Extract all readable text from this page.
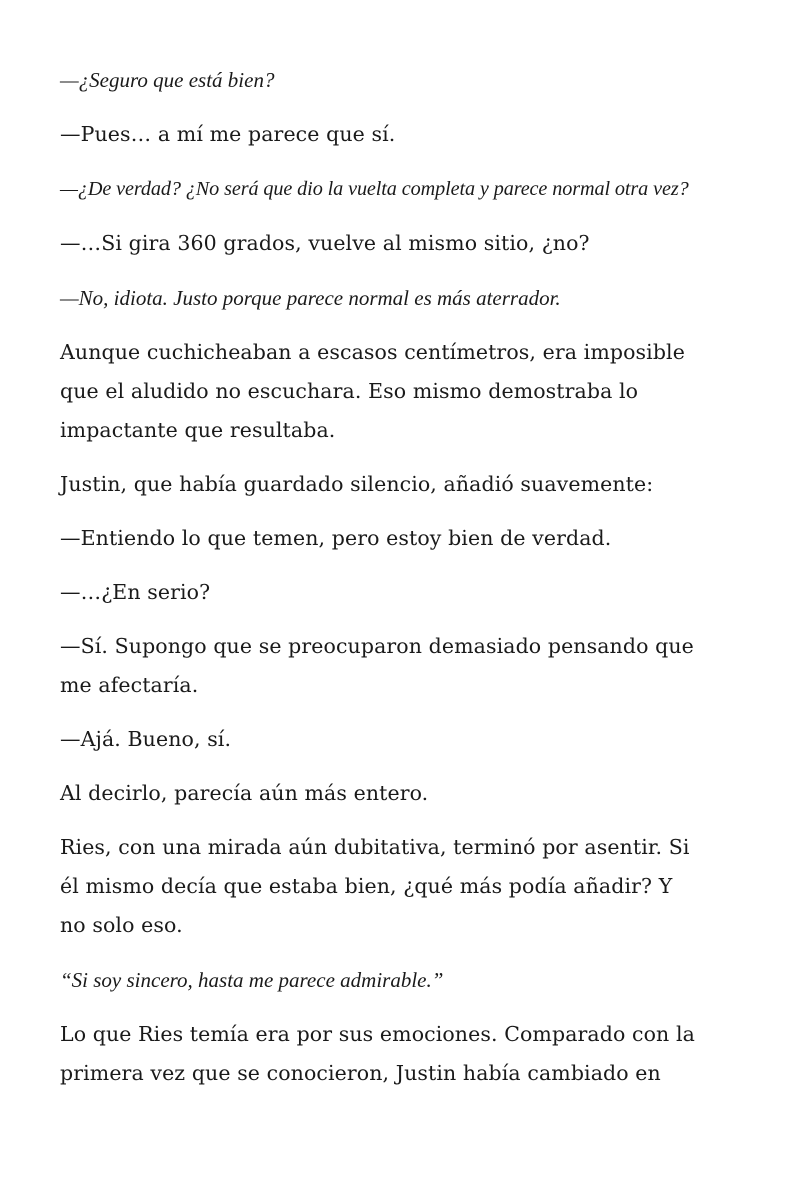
—¿Seguro que está bien?

—Pues… a mí me parece que sí.

—¿De verdad? ¿No será que dio la vuelta completa y parece normal otra vez?

—…Si gira 360 grados, vuelve al mismo sitio, ¿no?

—No, idiota. Justo porque parece normal es más aterrador.

Aunque cuchicheaban a escasos centímetros, era imposible
que el aludido no escuchara. Eso mismo demostraba lo
impactante que resultaba.

Justin, que había guardado silencio, añadió suavemente:

—Entiendo lo que temen, pero estoy bien de verdad.

—…¿En serio?

—Sí. Supongo que se preocuparon demasiado pensando que
me afectaría.

—Ajá. Bueno, sí.

Al decirlo, parecía aún más entero.

Ries, con una mirada aún dubitativa, terminó por asentir. Si
él mismo decía que estaba bien, ¿qué más podía añadir? Y
no solo eso.

“Si soy sincero, hasta me parece admirable.”

Lo que Ries temía era por sus emociones. Comparado con la
primera vez que se conocieron, Justin había cambiado en
